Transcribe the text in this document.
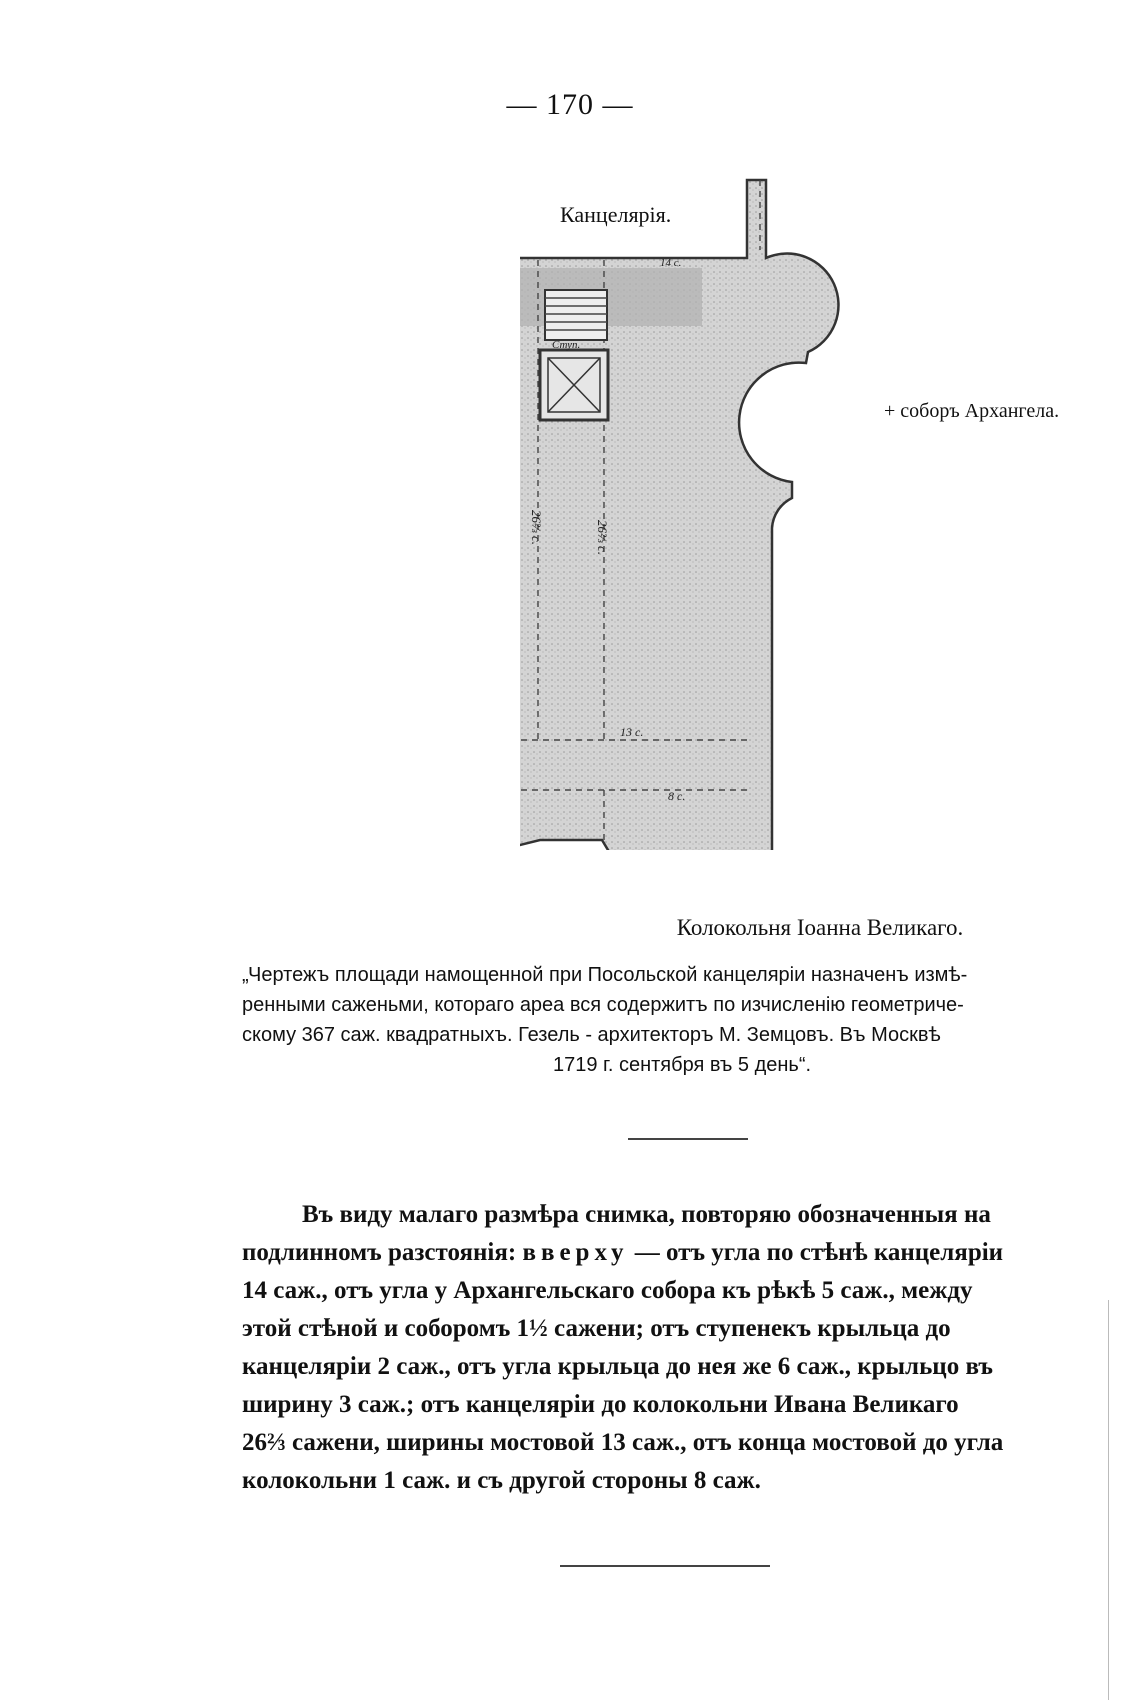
— 170 —
Ступ.
14 с.
26⅔ с.	26⅔ с.
13 с.
8 с.
Канцелярiя.
+ соборъ Архангела.
Колокольня Iоанна Великаго.

„Чертежъ площади намощенной при Посольской канцеляріи назначенъ измѣ-

ренными саженьми, котораго ареа вся содержитъ по изчисленію геометриче-

скому 367 саж. квадратныхъ. Гезель - архитекторъ М. Земцовъ. Въ Москвѣ

1719 г. сентября въ 5 день“.

Въ виду малаго размѣра снимка, повторяю обозначенныя на
подлинномъ разстоянія: вверху — отъ угла по стѣнѣ канцеляріи
14 саж., отъ угла у Архангельскаго собора къ рѣкѣ 5 саж., между
этой стѣной и соборомъ 1½ сажени; отъ ступенекъ крыльца до
канцеляріи 2 саж., отъ угла крыльца до нея же 6 саж., крыльцо въ
ширину 3 саж.; отъ канцеляріи до колокольни Ивана Великаго
26⅔ сажени, ширины мостовой 13 саж., отъ конца мостовой до угла
колокольни 1 саж. и съ другой стороны 8 саж.
